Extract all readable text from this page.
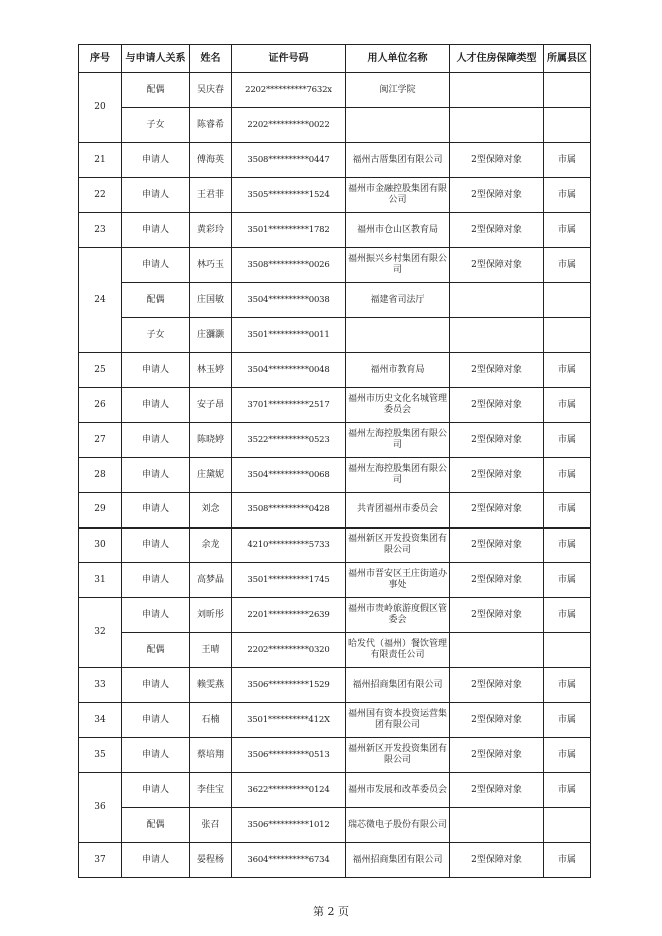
序号	与申请人关系	姓名	证件号码	用人单位名称	人才住房保障类型	所属县区
20	配偶	吴庆春	2202**********7632x	闽江学院		
	子女	陈睿希	2202**********0022			
21	申请人	傅海英	3508**********0447	福州古厝集团有限公司	2型保障对象	市属
22	申请人	王君菲	3505**********1524	福州市金融控股集团有限公司	2型保障对象	市属
23	申请人	黄彩玲	3501**********1782	福州市仓山区教育局	2型保障对象	市属
24	申请人	林巧玉	3508**********0026	福州振兴乡村集团有限公司	2型保障对象	市属
	配偶	庄国敏	3504**********0038	福建省司法厅		
	子女	庄瀰灏	3501**********0011			
25	申请人	林玉婷	3504**********0048	福州市教育局	2型保障对象	市属
26	申请人	安子昂	3701**********2517	福州市历史文化名城管理委员会	2型保障对象	市属
27	申请人	陈晓婷	3522**********0523	福州左海控股集团有限公司	2型保障对象	市属
28	申请人	庄黛妮	3504**********0068	福州左海控股集团有限公司	2型保障对象	市属
29	申请人	刘念	3508**********0428	共青团福州市委员会	2型保障对象	市属
30	申请人	余龙	4210**********5733	福州新区开发投资集团有限公司	2型保障对象	市属
31	申请人	高梦晶	3501**********1745	福州市晋安区王庄街道办事处	2型保障对象	市属
32	申请人	刘昕彤	2201**********2639	福州市贵岭旅游度假区管委会	2型保障对象	市属
	配偶	王晴	2202**********0320	哈发代（福州）餐饮管理有限责任公司		
33	申请人	赖雯燕	3506**********1529	福州招商集团有限公司	2型保障对象	市属
34	申请人	石楠	3501**********412X	福州国有资本投资运营集团有限公司	2型保障对象	市属
35	申请人	蔡培翔	3506**********0513	福州新区开发投资集团有限公司	2型保障对象	市属
36	申请人	李佳宝	3622**********0124	福州市发展和改革委员会	2型保障对象	市属
	配偶	张召	3506**********1012	瑞芯微电子股份有限公司		
37	申请人	晏程杨	3604**********6734	福州招商集团有限公司	2型保障对象	市属
第 2 页
